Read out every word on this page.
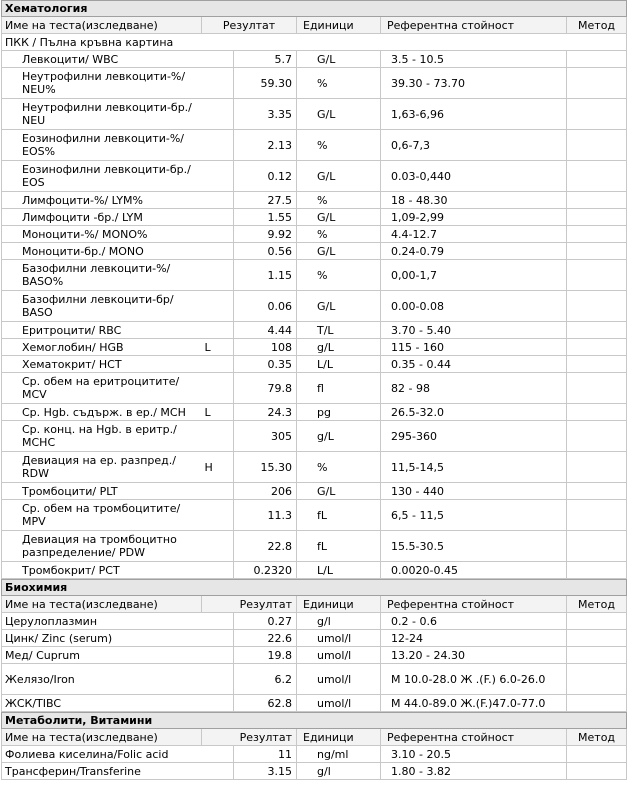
Хематология					
Име на теста(изследване)	Резултат		Единици	Референтна стойност	Метод
ПКК / Пълна кръвна картина					
Левкоцити/ WBC		5.7	G/L	3.5 - 10.5	
Неутрофилни левкоцити-%/ NEU%		59.30	%	39.30 - 73.70	
Неутрофилни левкоцити-бр./ NEU		3.35	G/L	1,63-6,96	
Еозинофилни левкоцити-%/ EOS%		2.13	%	0,6-7,3	
Еозинофилни левкоцити-бр./ EOS		0.12	G/L	0.03-0,440	
Лимфоцити-%/ LYM%		27.5	%	18 - 48.30	
Лимфоцити -бр./ LYM		1.55	G/L	1,09-2,99	
Моноцити-%/ MONO%		9.92	%	4.4-12.7	
Моноцити-бр./ MONO		0.56	G/L	0.24-0.79	
Базофилни левкоцити-%/ BASO%		1.15	%	0,00-1,7	
Базофилни левкоцити-бр/ BASO		0.06	G/L	0.00-0.08	
Еритроцити/ RBC		4.44	T/L	3.70 - 5.40	
Хемоглобин/ HGB	L	108	g/L	115 - 160	
Хематокрит/ HCT		0.35	L/L	0.35 - 0.44	
Ср. обем на еритроцитите/ MCV		79.8	fl	82 - 98	
Ср. Hgb. съдърж. в ер./ MCH	L	24.3	pg	26.5-32.0	
Ср. конц. на Hgb. в еритр./ MCHC		305	g/L	295-360	
Девиация на ер. разпред./ RDW	H	15.30	%	11,5-14,5	
Тромбоцити/ PLT		206	G/L	130 - 440	
Ср. обем на тромбоцитите/ MPV		11.3	fL	6,5 - 11,5	
Девиация на тромбоцитно разпределение/ PDW		22.8	fL	15.5-30.5	
Тромбокрит/ PCT		0.2320	L/L	0.0020-0.45	
Биохимия					
Име на теста(изследване)	Резултат		Единици	Референтна стойност	Метод
Церулоплазмин		0.27	g/l	0.2 - 0.6	
Цинк/ Zinc (serum)		22.6	umol/l	12-24	
Мед/ Cuprum		19.8	umol/l	13.20 - 24.30	
Желязо/Iron		6.2	umol/l	М 10.0-28.0 Ж .(F.) 6.0-26.0	
ЖСК/TIBC		62.8	umol/l	М 44.0-89.0 Ж.(F.)47.0-77.0	
Метаболити, Витамини					
Име на теста(изследване)	Резултат		Единици	Референтна стойност	Метод
Фолиева киселина/Folic acid		11	ng/ml	3.10 - 20.5	
Трансферин/Transferine		3.15	g/l	1.80 - 3.82	
